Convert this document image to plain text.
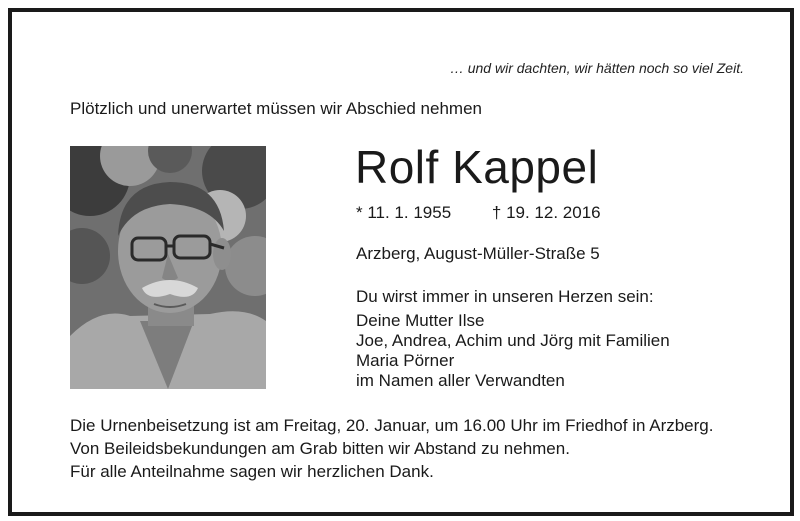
… und wir dachten, wir hätten noch so viel Zeit.
Plötzlich und unerwartet müssen wir Abschied nehmen
Rolf Kappel
* 11. 1. 1955 † 19. 12. 2016
Arzberg, August-Müller-Straße 5
Du wirst immer in unseren Herzen sein:
Deine Mutter Ilse
Joe, Andrea, Achim und Jörg mit Familien
Maria Pörner
im Namen aller Verwandten
Die Urnenbeisetzung ist am Freitag, 20. Januar, um 16.00 Uhr im Friedhof in Arzberg.
Von Beileidsbekundungen am Grab bitten wir Abstand zu nehmen.
Für alle Anteilnahme sagen wir herzlichen Dank.
